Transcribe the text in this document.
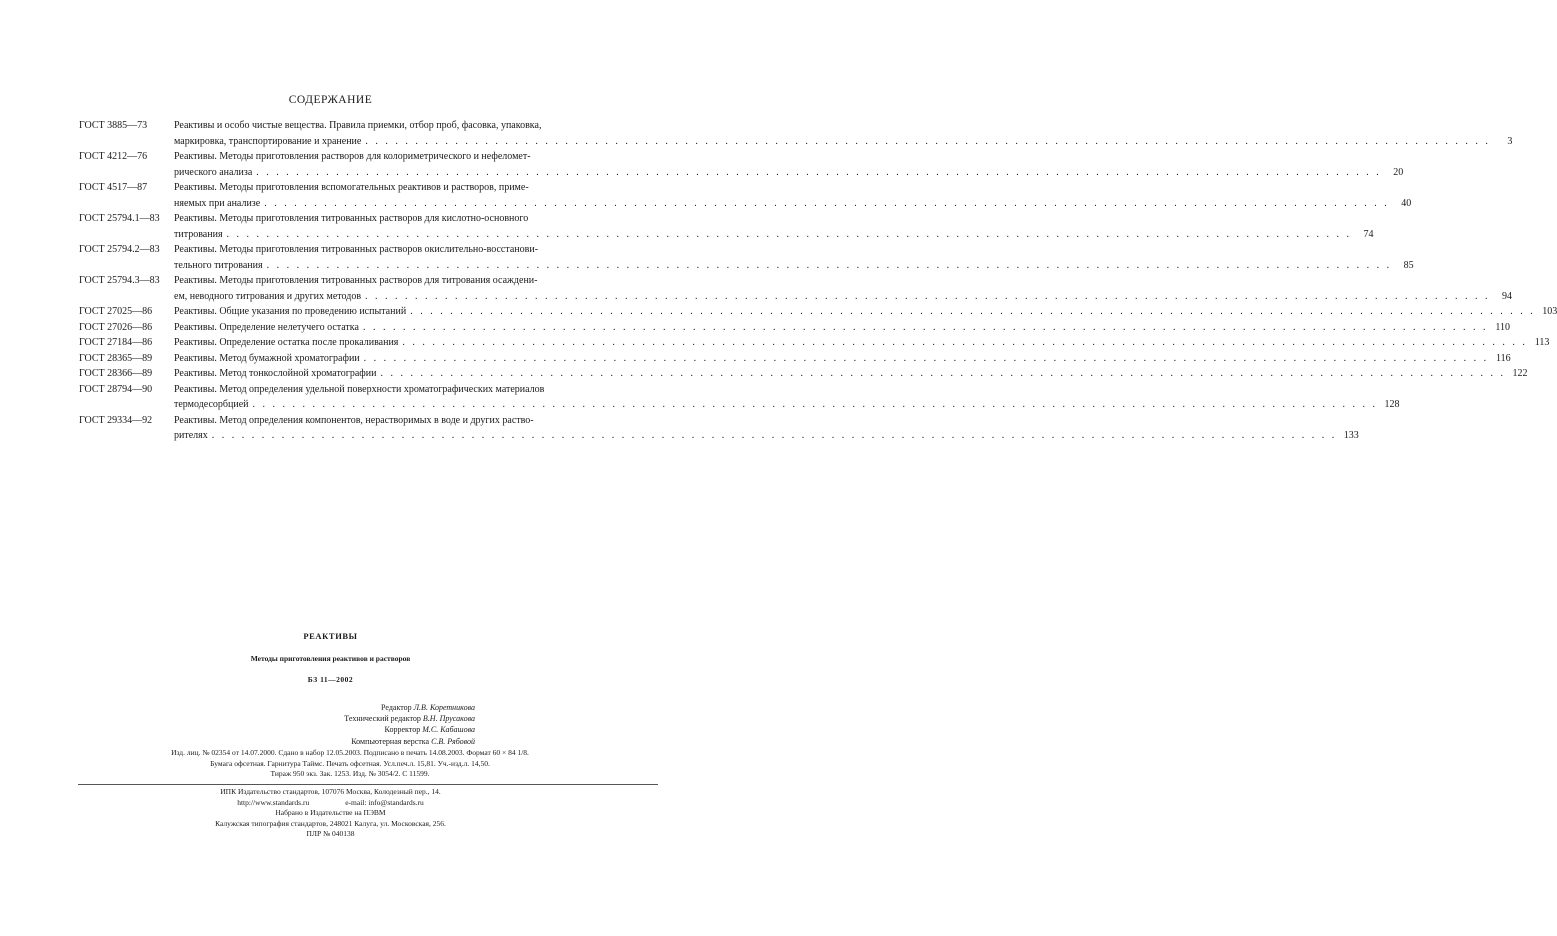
СОДЕРЖАНИЕ
ГОСТ 3885—73	Реактивы и особо чистые вещества. Правила приемки, отбор проб, фасовка, упаковка,
маркировка, транспортирование и хранение . . .	3
ГОСТ 4212—76	Реактивы. Методы приготовления растворов для колориметрического и нефеломет-
рического анализа . . .	20
ГОСТ 4517—87	Реактивы. Методы приготовления вспомогательных реактивов и растворов, приме-
няемых при анализе . . .	40
ГОСТ 25794.1—83	Реактивы. Методы приготовления титрованных растворов для кислотно-основного
титрования . . .	74
ГОСТ 25794.2—83	Реактивы. Методы приготовления титрованных растворов окислительно-восстанови-
тельного титрования . . .	85
ГОСТ 25794.3—83	Реактивы. Методы приготовления титрованных растворов для титрования осаждени-
ем, неводного титрования и других методов . . .	94
ГОСТ 27025—86	Реактивы. Общие указания по проведению испытаний . . .	103
ГОСТ 27026—86	Реактивы. Определение нелетучего остатка . . .	110
ГОСТ 27184—86	Реактивы. Определение остатка после прокаливания . . .	113
ГОСТ 28365—89	Реактивы. Метод бумажной хроматографии . . .	116
ГОСТ 28366—89	Реактивы. Метод тонкослойной хроматографии . . .	122
ГОСТ 28794—90	Реактивы. Метод определения удельной поверхности хроматографических материалов
термодесорбцией . . .	128
ГОСТ 29334—92	Реактивы. Метод определения компонентов, нерастворимых в воде и других раство-
рителях . . .	133
РЕАКТИВЫ
Методы приготовления реактивов и растворов
БЗ 11—2002
Редактор Л.В. Коретникова
Технический редактор В.Н. Прусакова
Корректор М.С. Кабашова
Компьютерная верстка С.В. Рябовой
Изд. лиц. № 02354 от 14.07.2000. Сдано в набор 12.05.2003. Подписано в печать 14.08.2003. Формат 60 × 84 1/8.
Бумага офсетная. Гарнитура Таймс. Печать офсетная. Усл.печ.л. 15,81. Уч.-изд.л. 14,50.
Тираж 950 экз. Зак. 1253. Изд. № 3054/2. С 11599.
ИПК Издательство стандартов, 107076 Москва, Колодезный пер., 14.
http://www.standards.ru	e-mail: info@standards.ru
Набрано в Издательстве на ПЭВМ
Калужская типография стандартов, 248021 Калуга, ул. Московская, 256.
ПЛР № 040138
